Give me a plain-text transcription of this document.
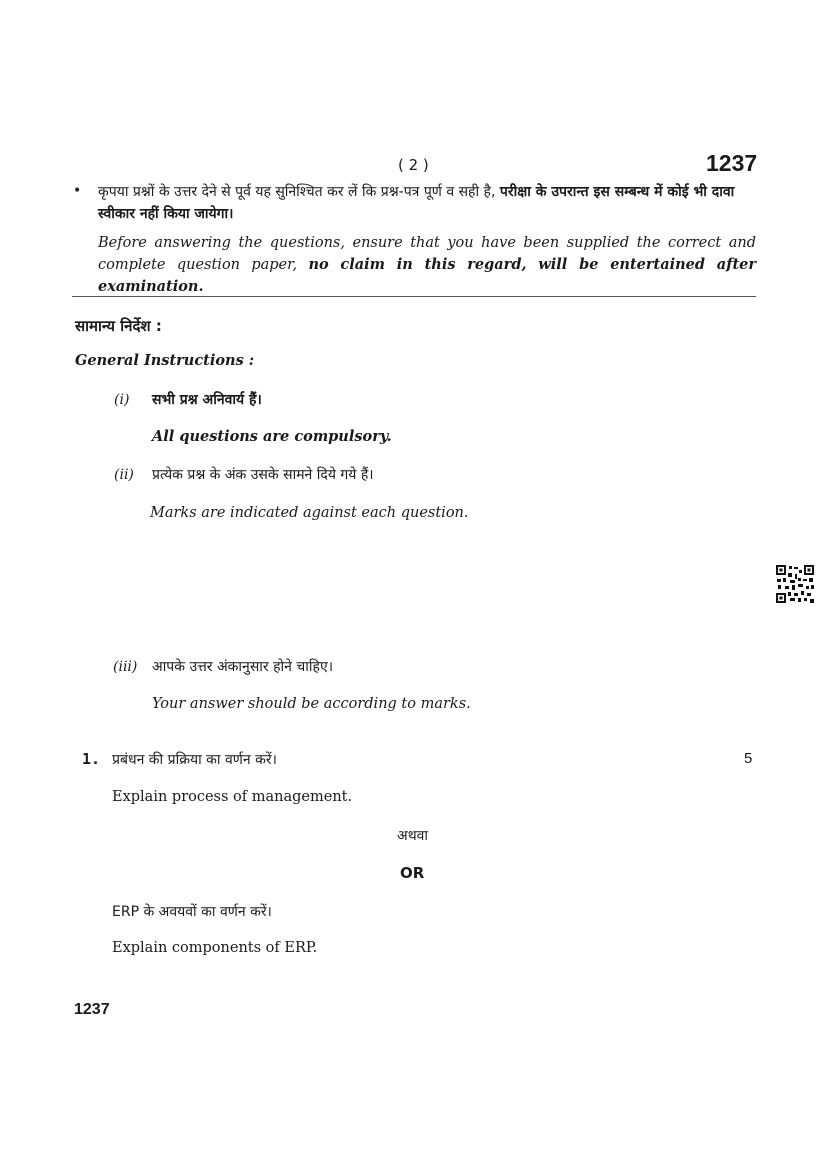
( 2 )	1237
• कृपया प्रश्नों के उत्तर देने से पूर्व यह सुनिश्चित कर लें कि प्रश्न-पत्र पूर्ण व सही है, परीक्षा के उपरान्त इस सम्बन्ध में कोई भी दावा स्वीकार नहीं किया जायेगा।
Before answering the questions, ensure that you have been supplied the correct and complete question paper, no claim in this regard, will be entertained after examination.
सामान्य निर्देश :
General Instructions :
(i) सभी प्रश्न अनिवार्य हैं।
All questions are compulsory.
(ii) प्रत्येक प्रश्न के अंक उसके सामने दिये गये हैं।
Marks are indicated against each question.
(iii) आपके उत्तर अंकानुसार होने चाहिए।
Your answer should be according to marks.
1. प्रबंधन की प्रक्रिया का वर्णन करें।	5
Explain process of management.
अथवा
OR
ERP के अवयवों का वर्णन करें।
Explain components of ERP.
1237
